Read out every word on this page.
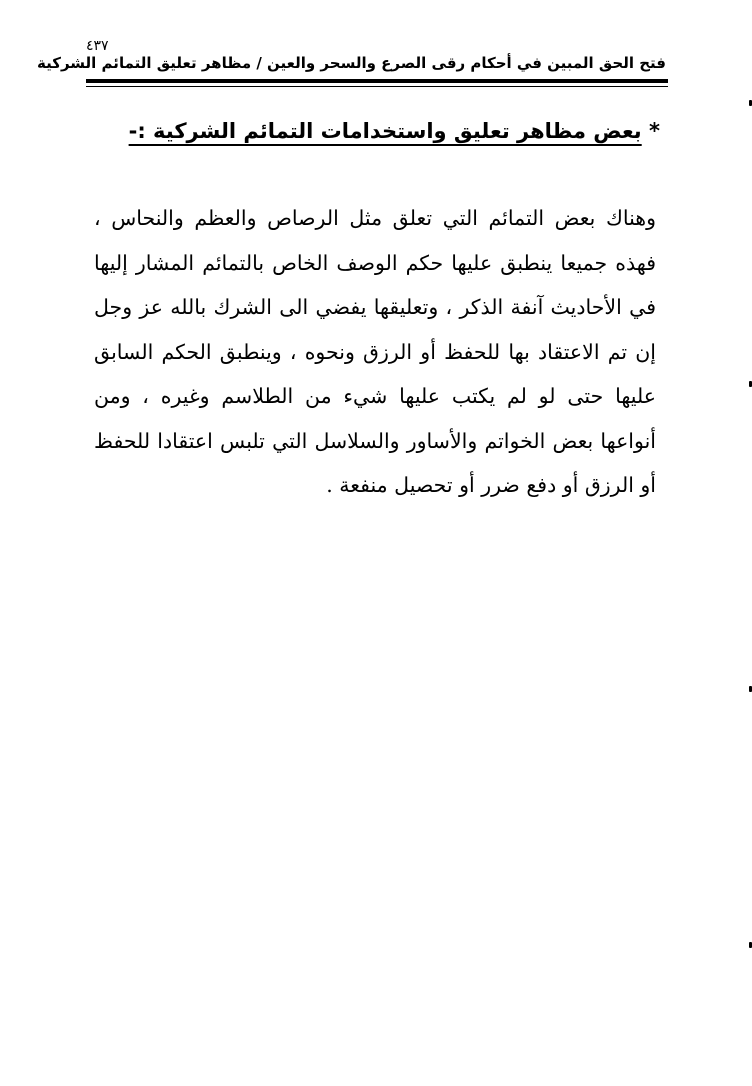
٤٣٧
فتح الحق المبين في أحكام رقى الصرع والسحر والعين / مظاهر تعليق التمائم الشركية
* بعض مظاهر تعليق واستخدامات التمائم الشركية :-

وهناك بعض التمائم التي تعلق مثل الرصاص والعظم والنحاس ، فهذه جميعا ينطبق عليها حكم الوصف الخاص بالتمائم المشار إليها في الأحاديث آنفة الذكر ، وتعليقها يفضي الى الشرك بالله عز وجل إن تم الاعتقاد بها للحفظ أو الرزق ونحوه ، وينطبق الحكم السابق عليها حتى لو لم يكتب عليها شيء من الطلاسم وغيره ، ومن أنواعها بعض الخواتم والأساور والسلاسل التي تلبس اعتقادا للحفظ أو الرزق أو دفع ضرر أو تحصيل منفعة .
